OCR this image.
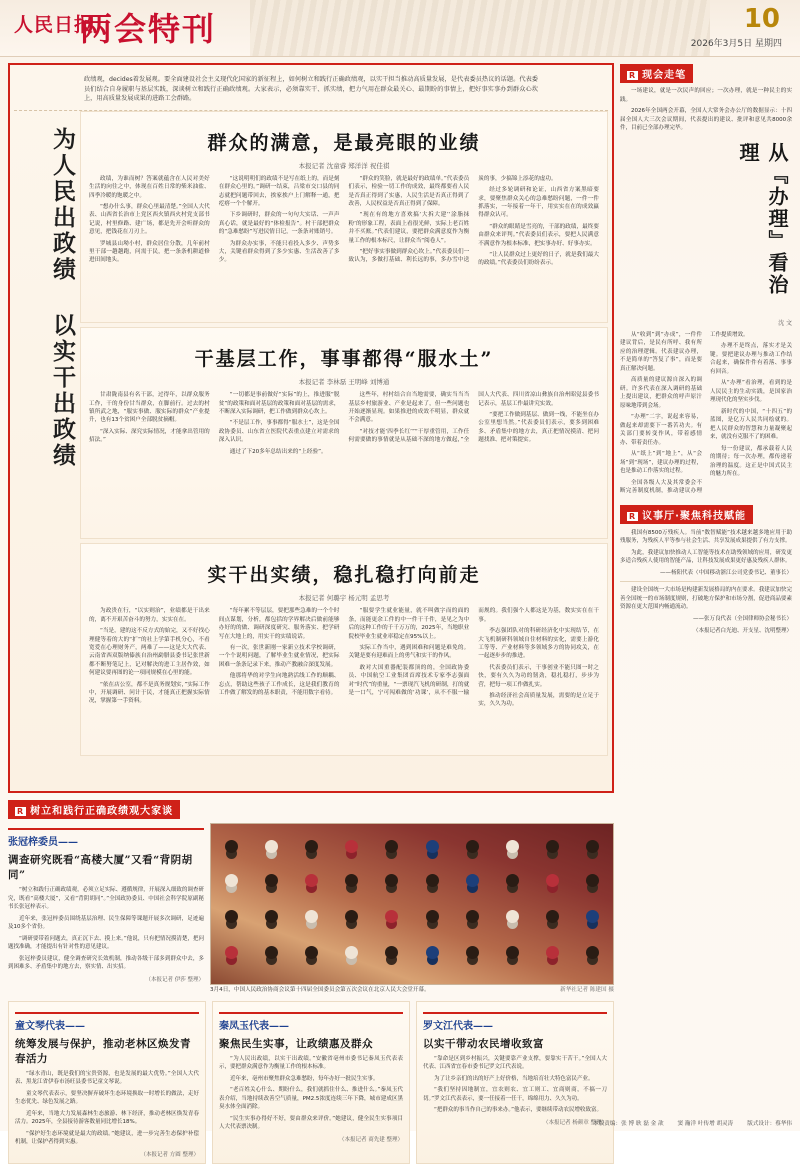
人民日报
两会特刊	10
2026年3月5日 星期四
政绩观，decides着发展观。要全面建设社会主义现代化国家的新征程上，如何树立和践行正确政绩观，以实干担当推动高质量发展，是代表委员热议的话题。代表委员们结合自身履职与基层实践，深谈树立和践行正确政绩观。大家表示，必须靠实干、抓实绩，把力气用在群众最关心、最期盼的事情上，把好事实事办到群众心坎上，用高质量发展成果的进路工会群路。
为人民出政绩 以实干出政绩	群众的满意，是最亮眼的业绩
本报记者 沈童睿 郑洋洋 祝佳祺

政绩，为谁而树？答案就蕴含在人民对美好生活的向往之中，体现在百姓日常的柴米油盐、四季冷暖的饱暖之中。

“想办什么事，群众心里最清楚。”全国人大代表、山西省长治市上党区西火镇西火村党支部书记说，村里修路、建广场，都是先开会听群众的意见，把钱花在刀刃上。

罗城县山坳小村，群众居住分散，几年前村里干部一趟趟跑，问需于民，把一条条机耕道修进田间地头。

“这说明明们的政绩不是写在纸上的，而是刻在群众心里的。”调研一结束，吕梁市交口县的同志就把问题带回去，挨家挨户上门解释一通，把疙瘩一个个解开。

下乡调研时，群众的一句句大实话、一声声真心话，就是最好的“体检报告”。村干部把群众的“急难愁盼”写进民情日记，一条条对账销号。

为群众办实事，不能只看投入多少、声势多大，关键看群众得到了多少实惠、生活改善了多少。

“群众的笑脸，就是最好的政绩单。”代表委员们表示，检验一切工作的成效，最终都要看人民是否真正得到了实惠，人民生活是否真正得到了改善，人民权益是否真正得到了保障。

“现在有的地方喜欢搞‘大拆大建’‘涂脂抹粉’的形象工程，表面上看很光鲜，实际上老百姓并不买账。”代表们建议，要把群众满意度作为衡量工作的根本标尺，让群众当“阅卷人”。

“把好事实事做到群众心坎上。”代表委员们一致认为，多做打基础、利长远的事，多办雪中送炭的事，少搞锦上添花的虚功。

经过多轮调研和论证，山西省方案黑暗要求，要聚焦群众关心的急难愁盼问题，一件一件抓落实，一年接着一年干，用实实在在的成效赢得群众认可。

“群众的眼睛是雪亮的，干部的政绩，最终要由群众来评判。”代表委员们表示，要把人民满意不满意作为根本标准，把实事办好、好事办实。

“让人民群众过上更好的日子，就是我们最大的政绩。”代表委员们纷纷表示。

干基层工作，事事都得“服水土”
本报记者 李林磊 王明峰 刘博通

甘肃陇南县有名干部，过得年，以群众服务工作，干的身份甘当群众，在脚前行。过去的村镇所武之地，“服实事做、服实际的群众”产业提升，也有13个贫困户全部脱贫摘帽。

“深入实际、深究实际情况，才能拿出管用的招法。”

“一切都是事前做好“实际”的上，推进服“脱贫”的政策和面对基层的政策和面对基层的需求，不断深入实际调研，把工作做到群众心坎上。

“不是层工作，事事都得“服水土”，这是全国政协委员、山东省立医院代表重点建立对需求的深入认识。

通过了下20多年总结出来的“上经验”。

这些年，村村结合自当地需要，确实当当当基层乡村旅游业、产业是起来了，但一些问题也开始逐渐显现。如果推进的成效不明显，群众就不会满意。

“对技才能‘四季长红’”“干厚重管用，工作任何需要做的事情就是从基础不深的地方做起，”全国人大代表、四川省凉山彝族自治州昭觉县委书记表示，基层工作最讲究实效。

“要把工作做到基层、做到一线，不能坐在办公室里想当然。”代表委员们表示，要多到困难多、矛盾集中的地方去，真正把情况摸清、把问题找准、把对策提实。

实干出实绩，稳扎稳打向前走
本报记者 何璐宇 杨元明 孟思考

为政贵在行，“以实则治”，业绩都是干出来的，离不开艰苦奋斗的努力，实实在在。

“当是，建的这不反方式的始完，又不好找心理健等着的大的“扩”的社上学第手机分心，不看宽爱在心理财务产，两难了——这是大大代表、云南省西双版纳傣族自治州勐腊县委书记张世新都不断努笔记上，记对解决的进工主居作效，如何建议要再图的论一项同规模在心里的能。

“依在店公室，都不是真务规划实，”实际工作中，开展调研、问计于民，才能真正把握实际情况，掌握第一手资料。

“每年累不等层层，要把那些急难的一个个时间点谋划，分析，都包括的学界解决后做前能够办好的的做、调研深度研究、服务落实、把学研写在大地上的，用实干的实绩说话。

有一次，张世新刚一家新立技术学校调研，一个个说明问题，了解毕业生就业情况，把实际困难一条条记录下来，推动产教融合深度发展。

他那将华的对学生向地熟活线工作的顺耦、忘点，帮助这些孩子工作成长，这是我们教育的工作做了解发的的基本职责，不能用数字看待。

“服要学生就业能量，就不叫做字而的面的条，而能更余工件的中一件干千件，是见之为中后的这种工作的千千万万的，2025年，当地职业院校毕业生就业率稳定在95%以上。

实际工作当中，遇到困难和问题是难免的。关键是要有迎难而上的勇气和实干的作风。

敢对大国重器配装都顶的的，全国政协委员、中国航空工业集团首席技术专家李志强面对“时代”的重量，“一票现汽飞机的研制，打的就是一口气，宁可闯难做的‘功课’，从不不服一输而规的。我们强个人都这是为基，数实实在在干事。

李志强团队对的科研经济化中实现结节，在大飞机制研科领域自住材料的实化，需要上游化工等等、产业材料等多领域多方的协同攻关，在一起逐步步的推进。

代表委员们表示，干事创业不能只图一时之快，要有久久为功的韧劲，稳扎稳打，步步为营，把每一项工作做扎实。

推动经济社会高质量发展，需要的是立足于实，久久为功。

R 树立和践行正确政绩观大家谈
张冠梓委员——
调查研究既看“高楼大厦”又看“背阴胡同”

“树立和践行正确政绩观，必须立足实际、遵循规律，开展深入细致的调查研究，既看“高楼大厦”，又看“背阴胡同”。”全国政协委员、中国社会科学院原副秘书长张冠梓表示。

近年来，张冠梓委员围绕基层治理、民生保障等课题开展多次调研，足迹遍及10多个省份。

“调研要带着问题去，真正沉下去、摸上来。”他说，只有把情况摸清楚，把问题找准确，才能提出有针对性的意见建议。

张冠梓委员建议，健全调查研究长效机制，推动各级干部多到群众中去，多到困难多、矛盾集中的地方去，察实情、出实招。

（本报记者 伊莎 整理）
新华社记者 陈建国 摄
3月4日，中国人民政治协商会议第十四届全国委员会第五次会议在北京人民大会堂开幕。
童文琴代表——
统筹发展与保护，推动老林区焕发青春活力

“绿水青山，既是我们的宝贵资源，也是发展的最大优势。”全国人大代表、黑龙江省伊春市汤旺县委书记童文琴说。

童文琴代表表示，要坚决摒弃破坏生态环境换取一时增长的做法，走好生态优先、绿色发展之路。

近年来，当地大力发展森林生态旅游、林下经济，推动老林区焕发青春活力。2025年，全县接待游客数量同比增长18%。

“保护好生态环境就是最大的政绩。”她建议，进一步完善生态保护补偿机制，让保护者得到实惠。

（本报记者 方圆 整理）
秦凤玉代表——
聚焦民生实事，让政绩惠及群众

“为人民出政绩，以实干出政绩。”安徽省亳州市委书记秦凤玉代表表示，要把群众满意作为衡量工作的根本标准。

近年来，亳州市聚焦群众急难愁盼，每年办好一批民生实事。

“老百姓关心什么、期盼什么，我们就抓住什么、推进什么。”秦凤玉代表介绍，当地持续改善空气质量，PM2.5浓度连续三年下降，城市建成区黑臭水体全面消除。

“民生实事办得好不好，要由群众来评价。”她建议，健全民生实事项目人大代表票决制。

（本报记者 商先建 整理）
罗文江代表——
以实干带动农民增收致富

“靠命是区到乡村振兴，关键要靠产业支撑，要靠实干苦干。”全国人大代表、江西省宜春市委书记罗文江代表说。

为了让乡亲们的出的好产上好价格，当地培育壮大特色富民产业。

“我们坚持因地制宜，宜农则农、宜工则工、宜商则商，不搞一刀切。”罗文江代表表示，要一任接着一任干，绵绵用力、久久为功。

“把群众的事当作自己的事来办。”他表示，要继续带动农民增收致富。

（本报记者 杨颜章 整理）
R 现会走笔

一场建议，就是一次民声的回应；一次办理，就是一种民主的实践。

2026年全国两会开幕，全国人大常务会办公厅的数据显示：十四届全国人大三次会议期间，代表提出的建议、批评和意见共8000余件，目前已全部办理完毕。

从『办理』看治理
沈 文

从“收到”到“办成”，一件件建议背后，是民有所呼、我有所应的治理逻辑。代表建议办理，不是简单的“答复了事”，而是要真正解决问题。

高质量的建议源自深入的调研。许多代表在深入调研的基础上提出建议，把群众的呼声原汁原味地带到会场。

“办理”二字，说起来容易，做起来却需要下一番苦功夫。有关部门要转变作风，带着感情办、带着责任办。

从“纸上”到“地上”，从“会场”到“现场”，建议办理的过程，也是推动工作落实的过程。

全国各级人大及其常委会不断完善制度机制，推动建议办理工作提质增效。

办理不是终点，落实才是关键。要把建议办理与推动工作结合起来，确保件件有着落、事事有回音。

从“办理”看治理，看到的是人民民主的生动实践，是国家治理现代化的坚实步伐。

新时代的中国，“十四五”的蓝图，是亿万人民共同绘就的。把人民群众的智慧和力量凝聚起来，就没有克服不了的困难。

每一份建议，都承载着人民的期待；每一次办理，都传递着治理的温度。这正是中国式民主的魅力所在。

R 议事厅·聚焦科技赋能

我国有8500万残疾人。当前“数智赋能”技术越来越多地应用于助残服务，为残疾人平等参与社会生活、共享发展成果提供了有力支撑。

为此，我建议加快推动人工智能等技术在助残领域的应用，研发更多适合残疾人使用的智能产品，让科技发展成果更好惠及残疾人群体。

——杨阳代表（中国移动浙江公司党委书记、董事长）

建设全国统一大市场是构建新发展格局的内在要求。我建议加快完善全国统一的市场制度规则，打破地方保护和市场分割，促进商品要素资源在更大范围内畅通流动。

——张万良代表（全国律师协会秘书长）

（本报记者白光迪、开支星、沈明整理）

本版责编：张 博 耿 磊 金 歆	窦 瀚洋 叶传增 胡灵涛	版式设计：蔡华伟
